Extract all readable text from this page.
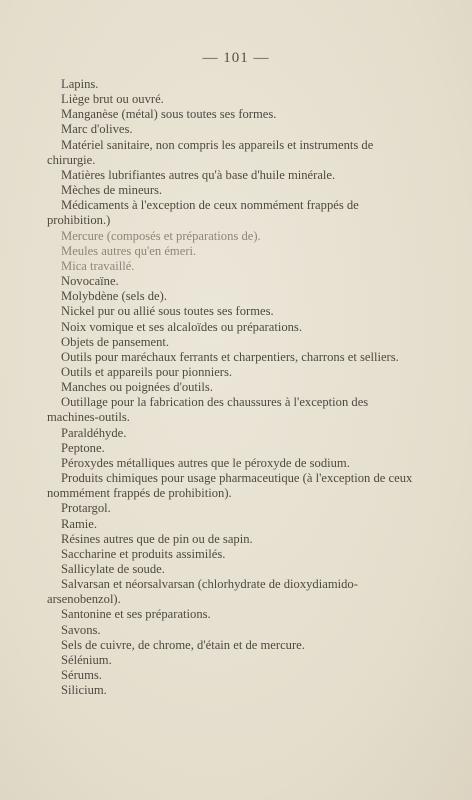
— 101 —
Lapins.
Liège brut ou ouvré.
Manganèse (métal) sous toutes ses formes.
Marc d'olives.
Matériel sanitaire, non compris les appareils et instruments de chirurgie.
Matières lubrifiantes autres qu'à base d'huile minérale.
Mèches de mineurs.
Médicaments à l'exception de ceux nommément frappés de prohibition.)
Mercure (composés et préparations de).
Meules autres qu'en émeri.
Mica travaillé.
Novocaïne.
Molybdène (sels de).
Nickel pur ou allié sous toutes ses formes.
Noix vomique et ses alcaloïdes ou préparations.
Objets de pansement.
Outils pour maréchaux ferrants et charpentiers, charrons et selliers.
Outils et appareils pour pionniers.
Manches ou poignées d'outils.
Outillage pour la fabrication des chaussures à l'exception des machines-outils.
Paraldéhyde.
Peptone.
Péroxydes métalliques autres que le péroxyde de sodium.
Produits chimiques pour usage pharmaceutique (à l'exception de ceux nommément frappés de prohibition).
Protargol.
Ramie.
Résines autres que de pin ou de sapin.
Saccharine et produits assimilés.
Sallicylate de soude.
Salvarsan et néorsalvarsan (chlorhydrate de dioxydiamido-arsenobenzol).
Santonine et ses préparations.
Savons.
Sels de cuivre, de chrome, d'étain et de mercure.
Sélénium.
Sérums.
Silicium.
